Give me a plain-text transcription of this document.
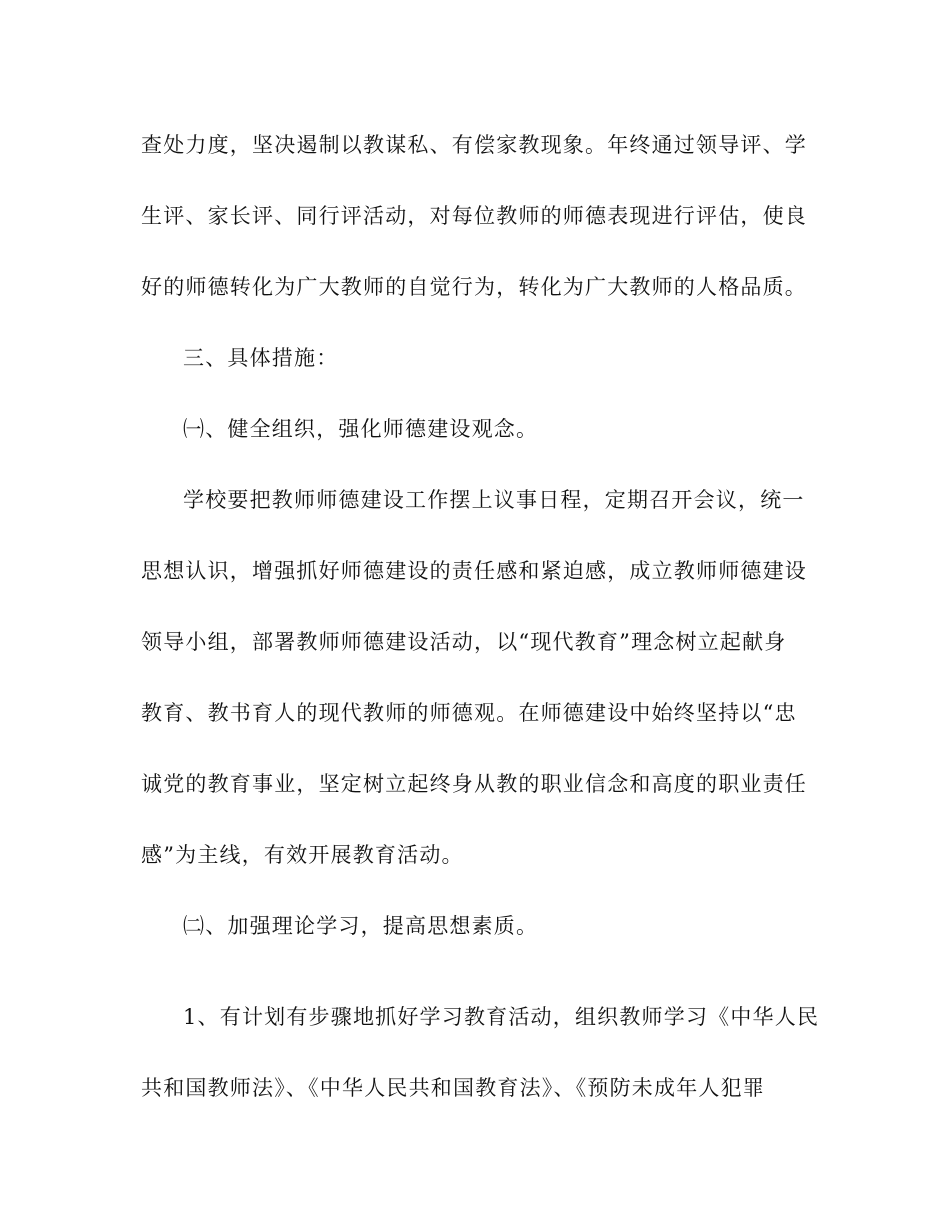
查处力度，坚决遏制以教谋私、有偿家教现象。年终通过领导评、学
生评、家长评、同行评活动，对每位教师的师德表现进行评估，使良
好的师德转化为广大教师的自觉行为，转化为广大教师的人格品质。
三、具体措施：
㈠、健全组织，强化师德建设观念。
学校要把教师师德建设工作摆上议事日程，定期召开会议，统一
思想认识，增强抓好师德建设的责任感和紧迫感，成立教师师德建设
领导小组，部署教师师德建设活动，以“现代教育”理念树立起献身
教育、教书育人的现代教师的师德观。在师德建设中始终坚持以“忠
诚党的教育事业，坚定树立起终身从教的职业信念和高度的职业责任
感”为主线，有效开展教育活动。
㈡、加强理论学习，提高思想素质。
1、有计划有步骤地抓好学习教育活动，组织教师学习《中华人民
共和国教师法》、《中华人民共和国教育法》、《预防未成年人犯罪
